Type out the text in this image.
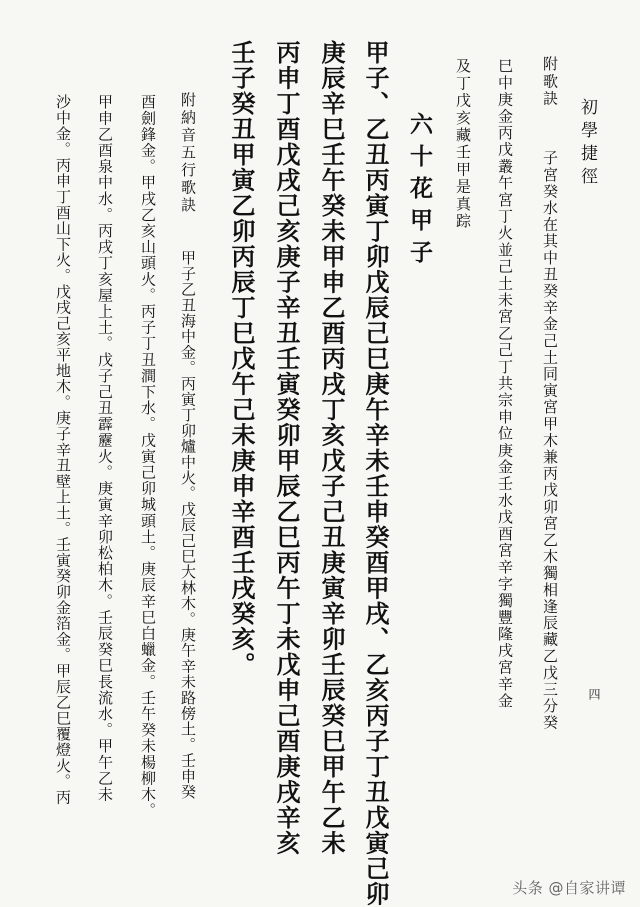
初學捷徑
四
附歌訣
子宮癸水在其中丑癸辛金己土同寅宮甲木兼丙戊卯宮乙木獨相逢辰藏乙戊三分癸
巳中庚金丙戊叢午宮丁火並己土未宮乙己丁共宗申位庚金壬水戊酉宮辛字獨豐隆戌宮辛金
及丁戊亥藏壬甲是真踪
六十花甲子
甲子、乙丑丙寅丁卯戊辰己巳庚午辛未壬申癸酉甲戌、乙亥丙子丁丑戊寅己卯
庚辰辛巳壬午癸未甲申乙酉丙戌丁亥戊子己丑庚寅辛卯壬辰癸巳甲午乙未
丙申丁酉戊戌己亥庚子辛丑壬寅癸卯甲辰乙巳丙午丁未戊申己酉庚戌辛亥
壬子癸丑甲寅乙卯丙辰丁巳戊午己未庚申辛酉壬戌癸亥。
附納音五行歌訣
甲子乙丑海中金。丙寅丁卯爐中火。戊辰己巳大林木。庚午辛未路傍土。壬申癸
酉劍鋒金。甲戌乙亥山頭火。丙子丁丑澗下水。戊寅己卯城頭土。庚辰辛巳白蠟金。壬午癸未楊柳木。
甲申乙酉泉中水。丙戌丁亥屋上土。戊子己丑霹靂火。庚寅辛卯松柏木。壬辰癸巳長流水。甲午乙未
沙中金。丙申丁酉山下火。戊戌己亥平地木。庚子辛丑壁上土。壬寅癸卯金箔金。甲辰乙巳覆燈火。丙
头条 @自家讲谭
